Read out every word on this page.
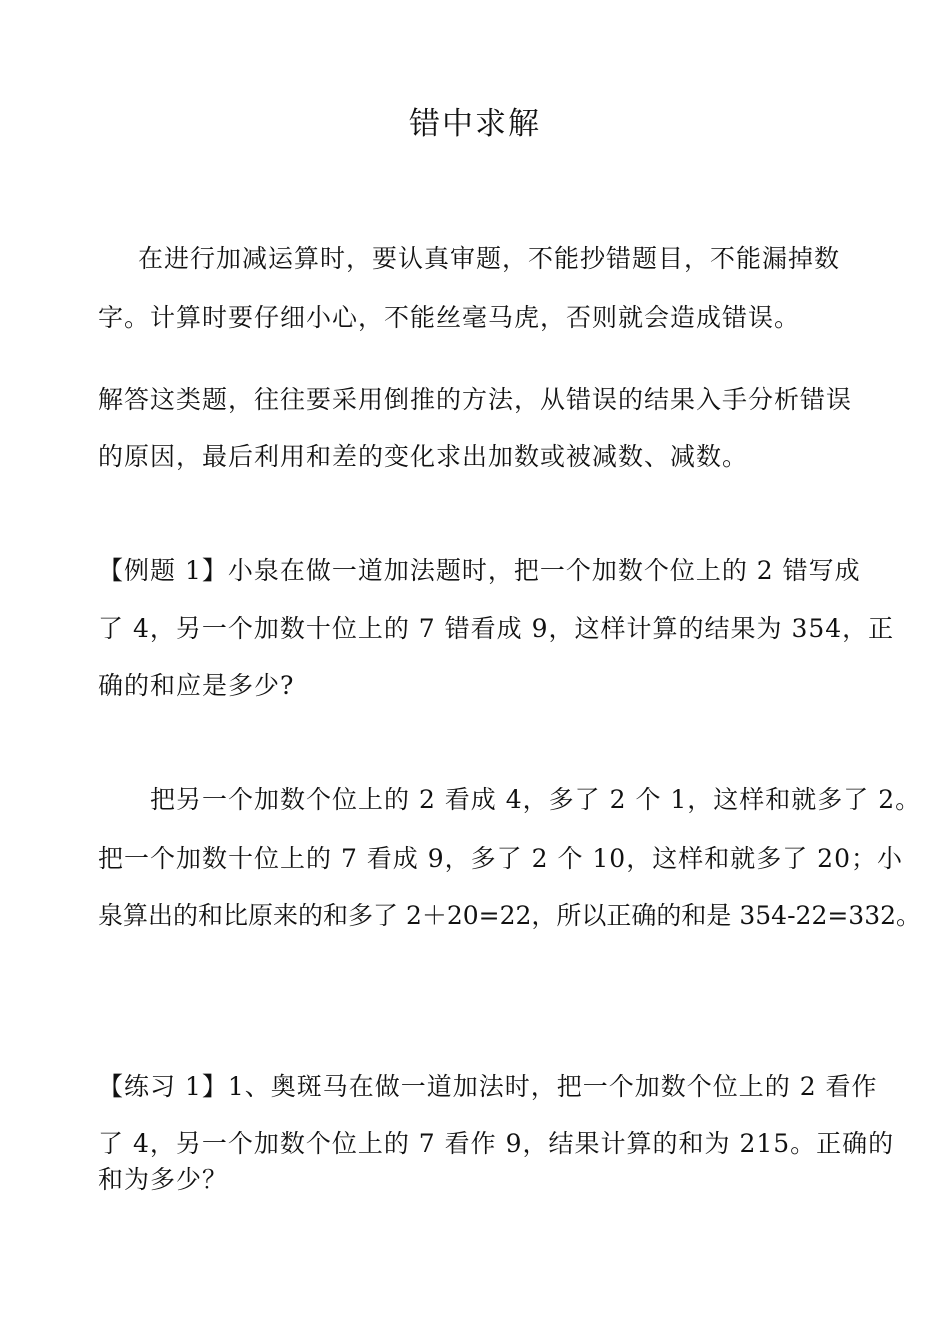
错中求解
在进行加减运算时，要认真审题，不能抄错题目，不能漏掉数
字。计算时要仔细小心，不能丝毫马虎，否则就会造成错误。
解答这类题，往往要采用倒推的方法，从错误的结果入手分析错误
的原因，最后利用和差的变化求出加数或被减数、减数。
【例题 1】小泉在做一道加法题时，把一个加数个位上的 2 错写成
了 4，另一个加数十位上的 7 错看成 9，这样计算的结果为 354，正
确的和应是多少?
把另一个加数个位上的 2 看成 4，多了 2 个 1，这样和就多了 2。
把一个加数十位上的 7 看成 9，多了 2 个 10，这样和就多了 20；小
泉算出的和比原来的和多了 2＋20=22，所以正确的和是 354-22=332。
【练习 1】1、奥斑马在做一道加法时，把一个加数个位上的 2 看作
了 4，另一个加数个位上的 7 看作 9，结果计算的和为 215。正确的
和为多少？
